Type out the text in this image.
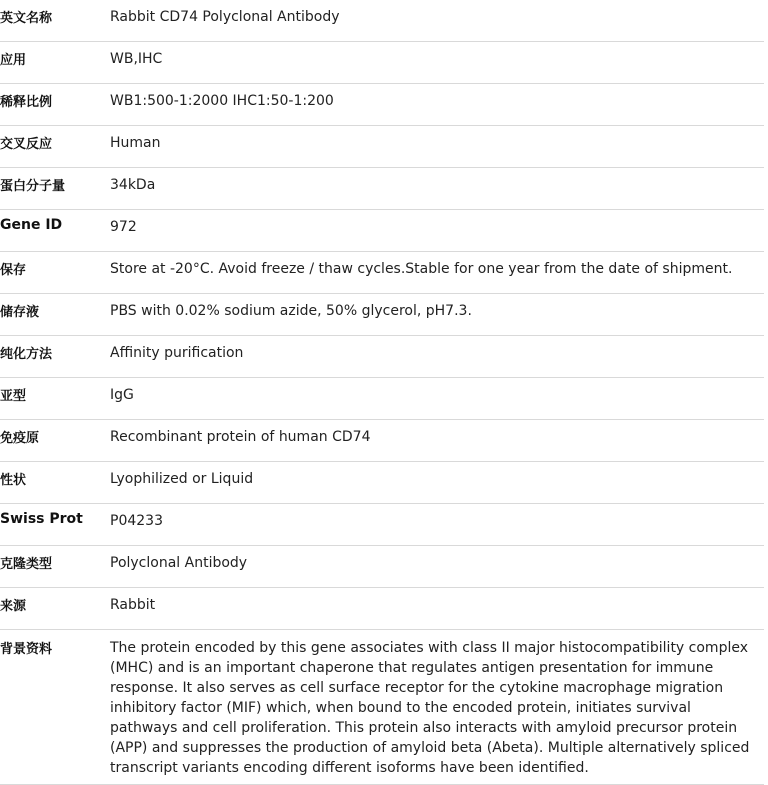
英文名称	Rabbit CD74 Polyclonal Antibody
应用	WB,IHC
稀释比例	WB1:500-1:2000 IHC1:50-1:200
交叉反应	Human
蛋白分子量	34kDa
Gene ID	972
保存	Store at -20°C. Avoid freeze / thaw cycles.Stable for one year from the date of shipment.
储存液	PBS with 0.02% sodium azide, 50% glycerol, pH7.3.
纯化方法	Affinity purification
亚型	IgG
免疫原	Recombinant protein of human CD74
性状	Lyophilized or Liquid
Swiss Prot	P04233
克隆类型	Polyclonal Antibody
来源	Rabbit
背景资料	The protein encoded by this gene associates with class II major histocompatibility complex (MHC) and is an important chaperone that regulates antigen presentation for immune response. It also serves as cell surface receptor for the cytokine macrophage migration inhibitory factor (MIF) which, when bound to the encoded protein, initiates survival pathways and cell proliferation. This protein also interacts with amyloid precursor protein (APP) and suppresses the production of amyloid beta (Abeta). Multiple alternatively spliced transcript variants encoding different isoforms have been identified.
